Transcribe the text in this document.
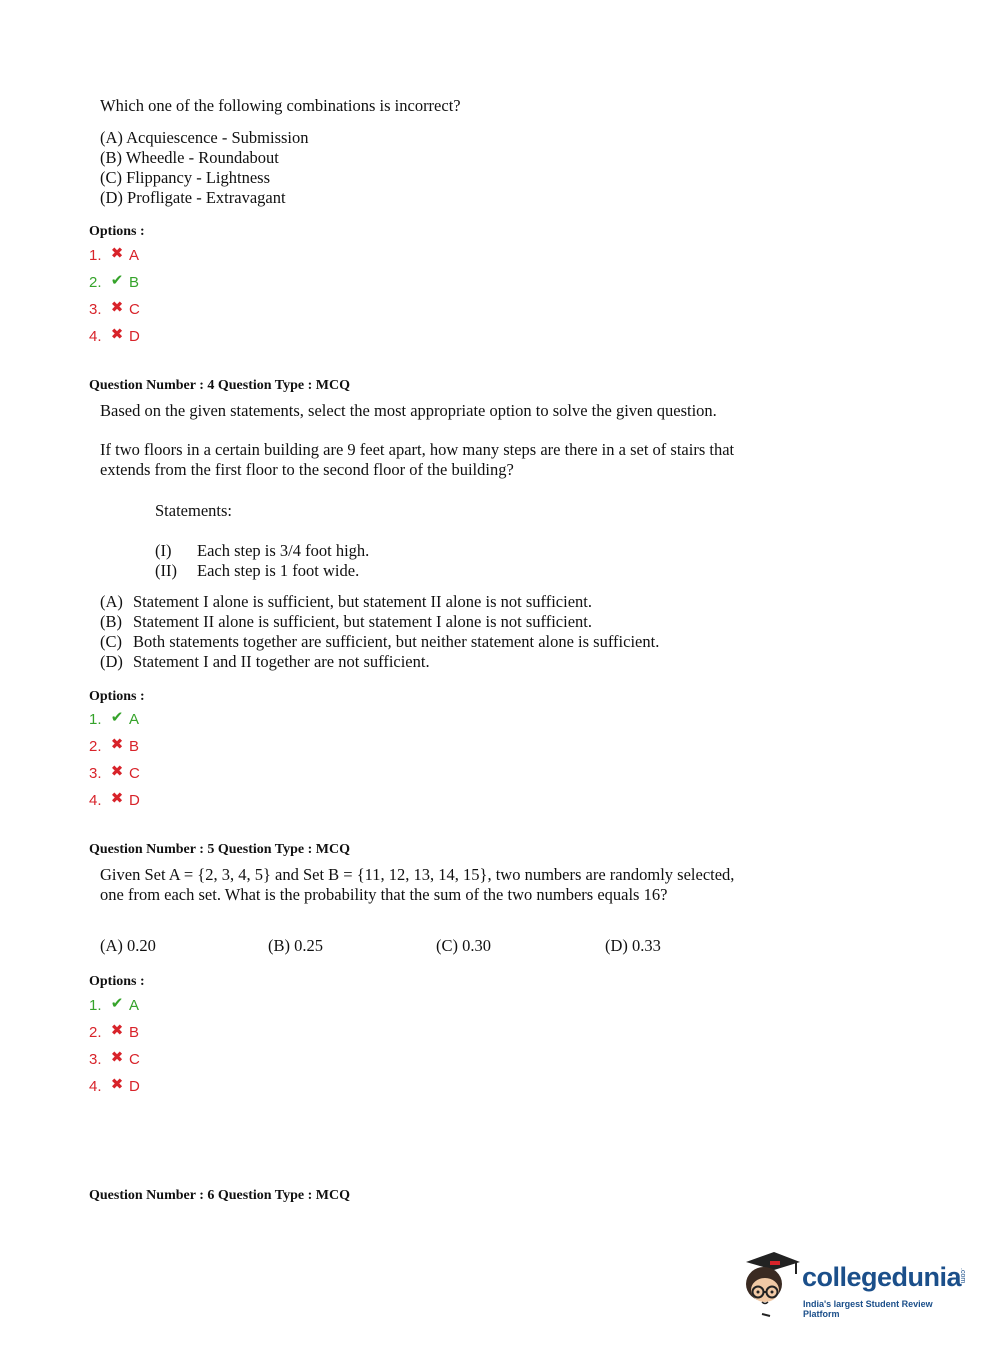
Which one of the following combinations is incorrect?
(A) Acquiescence - Submission
(B) Wheedle - Roundabout
(C) Flippancy - Lightness
(D) Profligate - Extravagant
Options :
1. ✖ A
2. ✔ B
3. ✖ C
4. ✖ D
Question Number : 4 Question Type : MCQ
Based on the given statements, select the most appropriate option to solve the given question.
If two floors in a certain building are 9 feet apart, how many steps are there in a set of stairs that
extends from the first floor to the second floor of the building?
Statements:
(I)	Each step is 3/4 foot high.
(II)	Each step is 1 foot wide.
(A) Statement I alone is sufficient, but statement II alone is not sufficient.
(B) Statement II alone is sufficient, but statement I alone is not sufficient.
(C) Both statements together are sufficient, but neither statement alone is sufficient.
(D) Statement I and II together are not sufficient.
Options :
1. ✔ A
2. ✖ B
3. ✖ C
4. ✖ D
Question Number : 5 Question Type : MCQ
Given Set A = {2, 3, 4, 5} and Set B = {11, 12, 13, 14, 15}, two numbers are randomly selected,
one from each set. What is the probability that the sum of the two numbers equals 16?
(A) 0.20	(B) 0.25	(C) 0.30	(D) 0.33
Options :
1. ✔ A
2. ✖ B
3. ✖ C
4. ✖ D
Question Number : 6 Question Type : MCQ
collegedunia
.com
India's largest Student Review Platform
